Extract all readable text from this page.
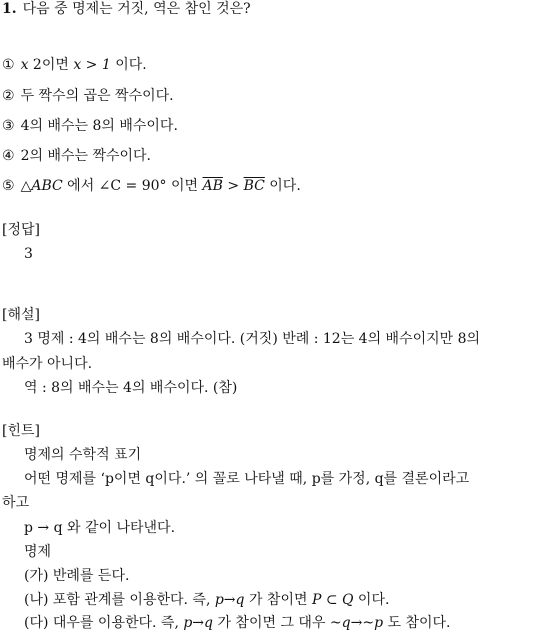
1. 다음 중 명제는 거짓, 역은 참인 것은?
① x 2이면 x > 1 이다.
② 두 짝수의 곱은 짝수이다.
③ 4의 배수는 8의 배수이다.
④ 2의 배수는 짝수이다.
⑤ △ABC 에서 ∠C = 90° 이면 $\overline{AB} > \overline{BC}$ 이다.
[정답]
3
[해설]
3 명제 : 4의 배수는 8의 배수이다. (거짓) 반례 : 12는 4의 배수이지만 8의
배수가 아니다.
역 : 8의 배수는 4의 배수이다. (참)
[힌트]
명제의 수학적 표기
어떤 명제를 ‘p이면 q이다.’ 의 꼴로 나타낼 때, p를 가정, q를 결론이라고
하고
p → q 와 같이 나타낸다.
명제
(가) 반례를 든다.
(나) 포함 관계를 이용한다. 즉, p→q 가 참이면 P ⊂ Q 이다.
(다) 대우를 이용한다. 즉, p→q 가 참이면 그 대우 ~q→~p 도 참이다.
